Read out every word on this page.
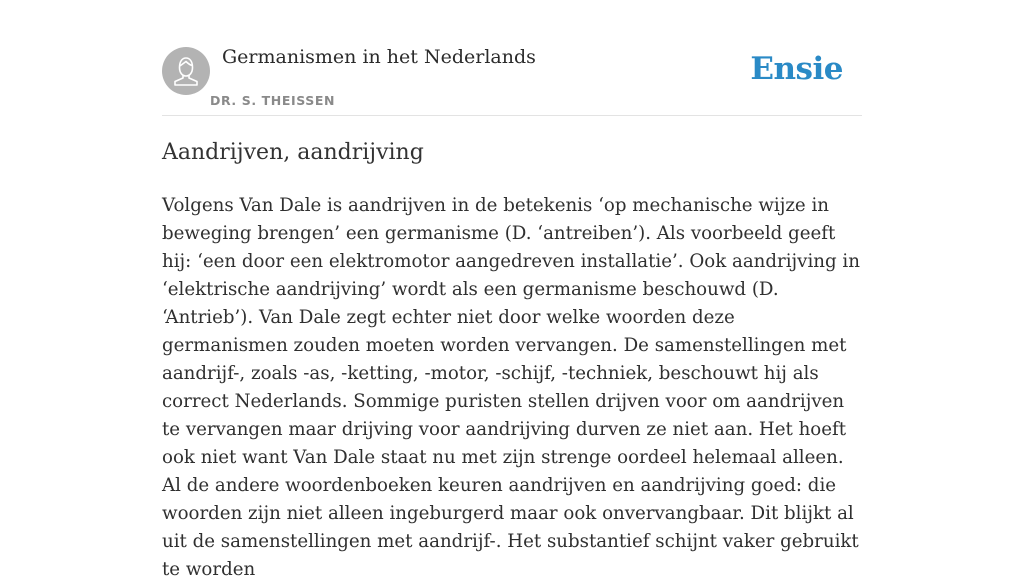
Germanismen in het Nederlands
DR. S. THEISSEN
Ensie
Aandrijven, aandrijving

Volgens Van Dale is aandrijven in de betekenis ‘op mechanische wijze in beweging brengen’ een germanisme (D. ‘antreiben’). Als voorbeeld geeft hij: ‘een door een elektromotor aangedreven installatie’. Ook aandrijving in ‘elektrische aandrijving’ wordt als een germanisme beschouwd (D. ‘Antrieb’). Van Dale zegt echter niet door welke woorden deze germanismen zouden moeten worden vervangen. De samenstellingen met aandrijf-, zoals -as, -ketting, -motor, -schijf, -techniek, beschouwt hij als correct Nederlands. Sommige puristen stellen drijven voor om aandrijven te vervangen maar drijving voor aandrijving durven ze niet aan. Het hoeft ook niet want Van Dale staat nu met zijn strenge oordeel helemaal alleen. Al de andere woordenboeken keuren aandrijven en aandrijving goed: die woorden zijn niet alleen ingeburgerd maar ook onvervangbaar. Dit blijkt al uit de samenstellingen met aandrijf-. Het substantief schijnt vaker gebruikt te worden
